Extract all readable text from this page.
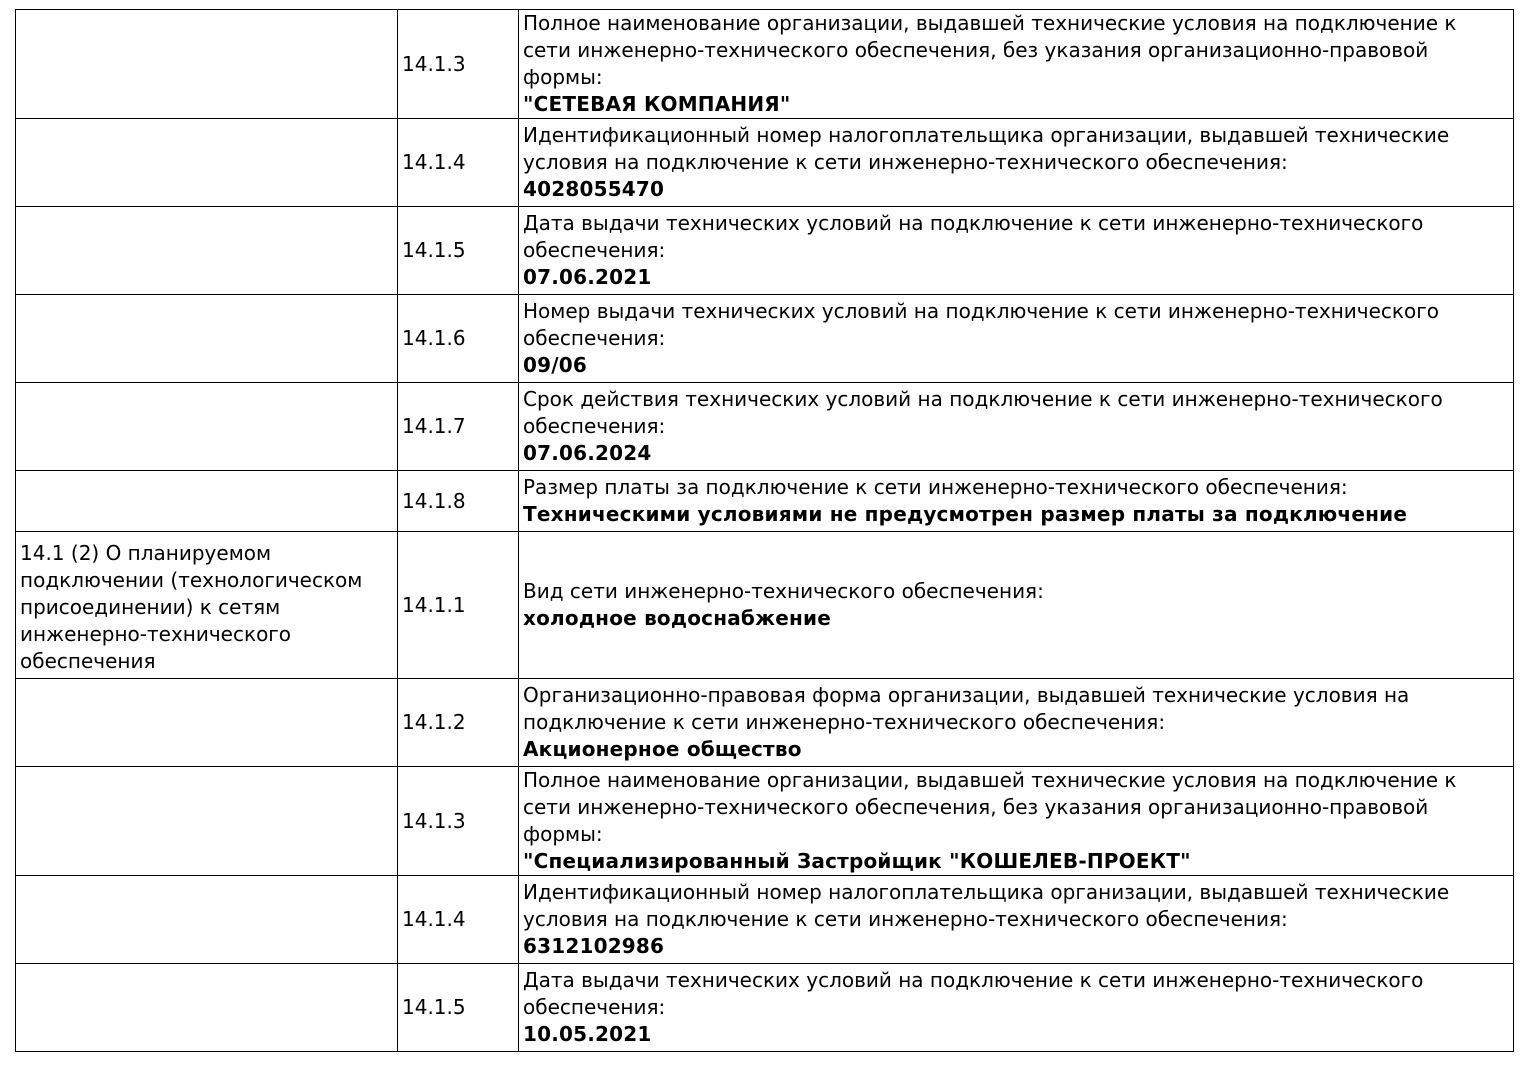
	14.1.3	Полное наименование организации, выдавшей технические условия на подключение к сети инженерно-технического обеспечения, без указания организационно-правовой формы:
"СЕТЕВАЯ КОМПАНИЯ"

	14.1.4	Идентификационный номер налогоплательщика организации, выдавшей технические условия на подключение к сети инженерно-технического обеспечения:
4028055470

	14.1.5	Дата выдачи технических условий на подключение к сети инженерно-технического обеспечения:
07.06.2021

	14.1.6	Номер выдачи технических условий на подключение к сети инженерно-технического обеспечения:
09/06

	14.1.7	Срок действия технических условий на подключение к сети инженерно-технического обеспечения:
07.06.2024

	14.1.8	Размер платы за подключение к сети инженерно-технического обеспечения:
Техническими условиями не предусмотрен размер платы за подключение

14.1 (2) О планируемом подключении (технологическом присоединении) к сетям инженерно-технического обеспечения	14.1.1	Вид сети инженерно-технического обеспечения:
холодное водоснабжение

	14.1.2	Организационно-правовая форма организации, выдавшей технические условия на подключение к сети инженерно-технического обеспечения:
Акционерное общество

	14.1.3	Полное наименование организации, выдавшей технические условия на подключение к сети инженерно-технического обеспечения, без указания организационно-правовой формы:
"Специализированный Застройщик "КОШЕЛЕВ-ПРОЕКТ"

	14.1.4	Идентификационный номер налогоплательщика организации, выдавшей технические условия на подключение к сети инженерно-технического обеспечения:
6312102986

	14.1.5	Дата выдачи технических условий на подключение к сети инженерно-технического обеспечения:
10.05.2021
